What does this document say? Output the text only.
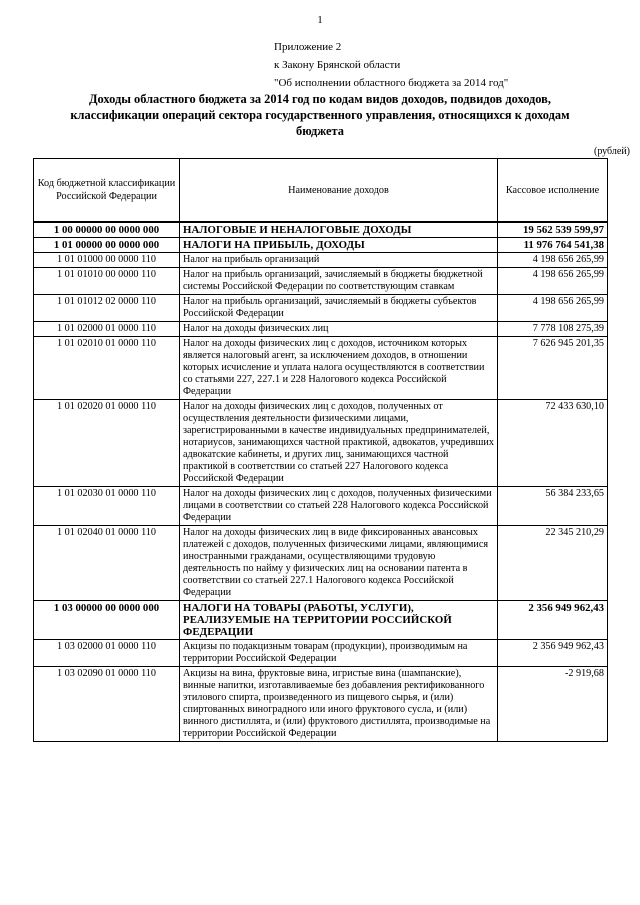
1
Приложение 2
к Закону Брянской области
"Об исполнении областного бюджета за 2014 год"
Доходы областного бюджета за 2014 год по кодам видов доходов, подвидов доходов,
классификации операций сектора государственного управления, относящихся к доходам
бюджета
(рублей)
Код бюджетной классификации Российской Федерации	Наименование доходов	Кассовое исполнение
1 00 00000 00 0000 000	НАЛОГОВЫЕ И НЕНАЛОГОВЫЕ ДОХОДЫ	19 562 539 599,97
1 01 00000 00 0000 000	НАЛОГИ НА ПРИБЫЛЬ, ДОХОДЫ	11 976 764 541,38
1 01 01000 00 0000 110	Налог на прибыль организаций	4 198 656 265,99
1 01 01010 00 0000 110	Налог на прибыль организаций, зачисляемый в бюджеты бюджетной системы Российской Федерации по соответствующим ставкам	4 198 656 265,99
1 01 01012 02 0000 110	Налог на прибыль организаций, зачисляемый в бюджеты субъектов Российской Федерации	4 198 656 265,99
1 01 02000 01 0000 110	Налог на доходы физических лиц	7 778 108 275,39
1 01 02010 01 0000 110	Налог на доходы физических лиц с доходов, источником которых является налоговый агент, за исключением доходов, в отношении которых исчисление и уплата налога осуществляются в соответствии со статьями 227, 227.1 и 228 Налогового кодекса Российской Федерации	7 626 945 201,35
1 01 02020 01 0000 110	Налог на доходы физических лиц с доходов, полученных от осуществления деятельности физическими лицами, зарегистрированными в качестве индивидуальных предпринимателей, нотариусов, занимающихся частной практикой, адвокатов, учредивших адвокатские кабинеты, и других лиц, занимающихся частной практикой в соответствии со статьей 227 Налогового кодекса Российской Федерации	72 433 630,10
1 01 02030 01 0000 110	Налог на доходы физических лиц с доходов, полученных физическими лицами в соответствии со статьей 228 Налогового кодекса Российской Федерации	56 384 233,65
1 01 02040 01 0000 110	Налог на доходы физических лиц в виде фиксированных авансовых платежей с доходов, полученных физическими лицами, являющимися иностранными гражданами, осуществляющими трудовую деятельность по найму у физических лиц на основании патента в соответствии со статьей 227.1 Налогового кодекса Российской Федерации	22 345 210,29
1 03 00000 00 0000 000	НАЛОГИ НА ТОВАРЫ (РАБОТЫ, УСЛУГИ), РЕАЛИЗУЕМЫЕ НА ТЕРРИТОРИИ РОССИЙСКОЙ ФЕДЕРАЦИИ	2 356 949 962,43
1 03 02000 01 0000 110	Акцизы по подакцизным товарам (продукции), производимым на территории Российской Федерации	2 356 949 962,43
1 03 02090 01 0000 110	Акцизы на вина, фруктовые вина, игристые вина (шампанские), винные напитки, изготавливаемые без добавления ректификованного этилового спирта, произведенного из пищевого сырья, и (или) спиртованных виноградного или иного фруктового сусла, и (или) винного дистиллята, и (или) фруктового дистиллята, производимые на территории Российской Федерации	-2 919,68
